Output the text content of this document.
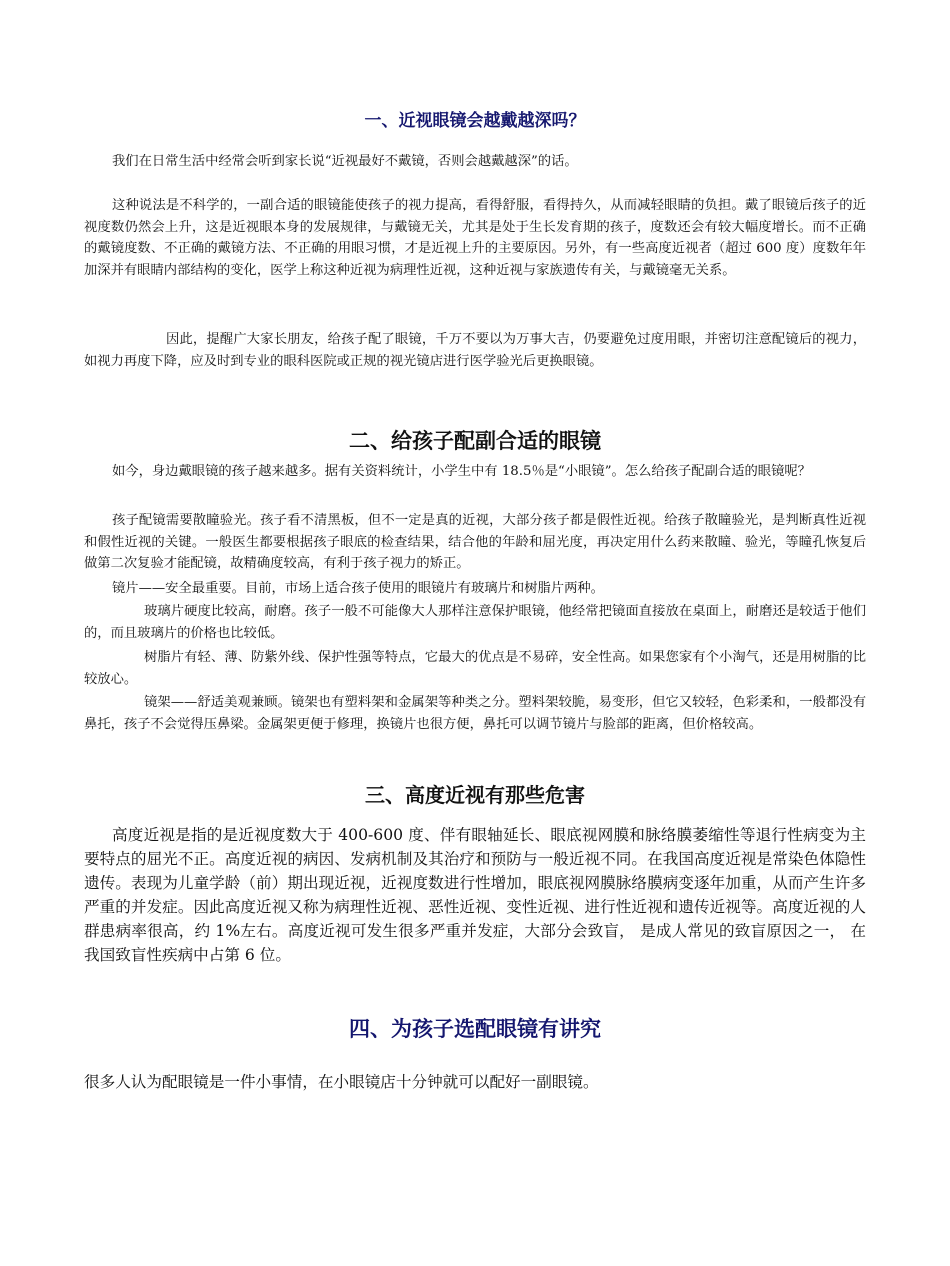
一、近视眼镜会越戴越深吗？

我们在日常生活中经常会听到家长说“近视最好不戴镜，否则会越戴越深”的话。

这种说法是不科学的，一副合适的眼镜能使孩子的视力提高，看得舒服，看得持久，从而减轻眼睛的负担。戴了眼镜后孩子的近视度数仍然会上升，这是近视眼本身的发展规律，与戴镜无关，尤其是处于生长发育期的孩子，度数还会有较大幅度增长。而不正确的戴镜度数、不正确的戴镜方法、不正确的用眼习惯，才是近视上升的主要原因。另外，有一些高度近视者（超过 600 度）度数年年加深并有眼睛内部结构的变化，医学上称这种近视为病理性近视，这种近视与家族遗传有关，与戴镜毫无关系。

因此，提醒广大家长朋友，给孩子配了眼镜，千万不要以为万事大吉，仍要避免过度用眼，并密切注意配镜后的视力，如视力再度下降，应及时到专业的眼科医院或正规的视光镜店进行医学验光后更换眼镜。

二、给孩子配副合适的眼镜

如今，身边戴眼镜的孩子越来越多。据有关资料统计，小学生中有 18.5％是“小眼镜”。怎么给孩子配副合适的眼镜呢？

孩子配镜需要散瞳验光。孩子看不清黑板，但不一定是真的近视，大部分孩子都是假性近视。给孩子散瞳验光，是判断真性近视和假性近视的关键。一般医生都要根据孩子眼底的检查结果，结合他的年龄和屈光度，再决定用什么药来散瞳、验光，等瞳孔恢复后做第二次复验才能配镜，故精确度较高，有利于孩子视力的矫正。

镜片——安全最重要。目前，市场上适合孩子使用的眼镜片有玻璃片和树脂片两种。

玻璃片硬度比较高，耐磨。孩子一般不可能像大人那样注意保护眼镜，他经常把镜面直接放在桌面上，耐磨还是较适于他们的，而且玻璃片的价格也比较低。

树脂片有轻、薄、防紫外线、保护性强等特点，它最大的优点是不易碎，安全性高。如果您家有个小淘气，还是用树脂的比较放心。

镜架——舒适美观兼顾。镜架也有塑料架和金属架等种类之分。塑料架较脆，易变形，但它又较轻，色彩柔和，一般都没有鼻托，孩子不会觉得压鼻梁。金属架更便于修理，换镜片也很方便，鼻托可以调节镜片与脸部的距离，但价格较高。

三、高度近视有那些危害

高度近视是指的是近视度数大于 400-600 度、伴有眼轴延长、眼底视网膜和脉络膜萎缩性等退行性病变为主要特点的屈光不正。高度近视的病因、发病机制及其治疗和预防与一般近视不同。在我国高度近视是常染色体隐性遗传。表现为儿童学龄（前）期出现近视，近视度数进行性增加，眼底视网膜脉络膜病变逐年加重，从而产生许多严重的并发症。因此高度近视又称为病理性近视、恶性近视、变性近视、进行性近视和遗传近视等。高度近视的人群患病率很高，约 1%左右。高度近视可发生很多严重并发症，大部分会致盲， 是成人常见的致盲原因之一， 在我国致盲性疾病中占第 6 位。

四、为孩子选配眼镜有讲究

很多人认为配眼镜是一件小事情，在小眼镜店十分钟就可以配好一副眼镜。
